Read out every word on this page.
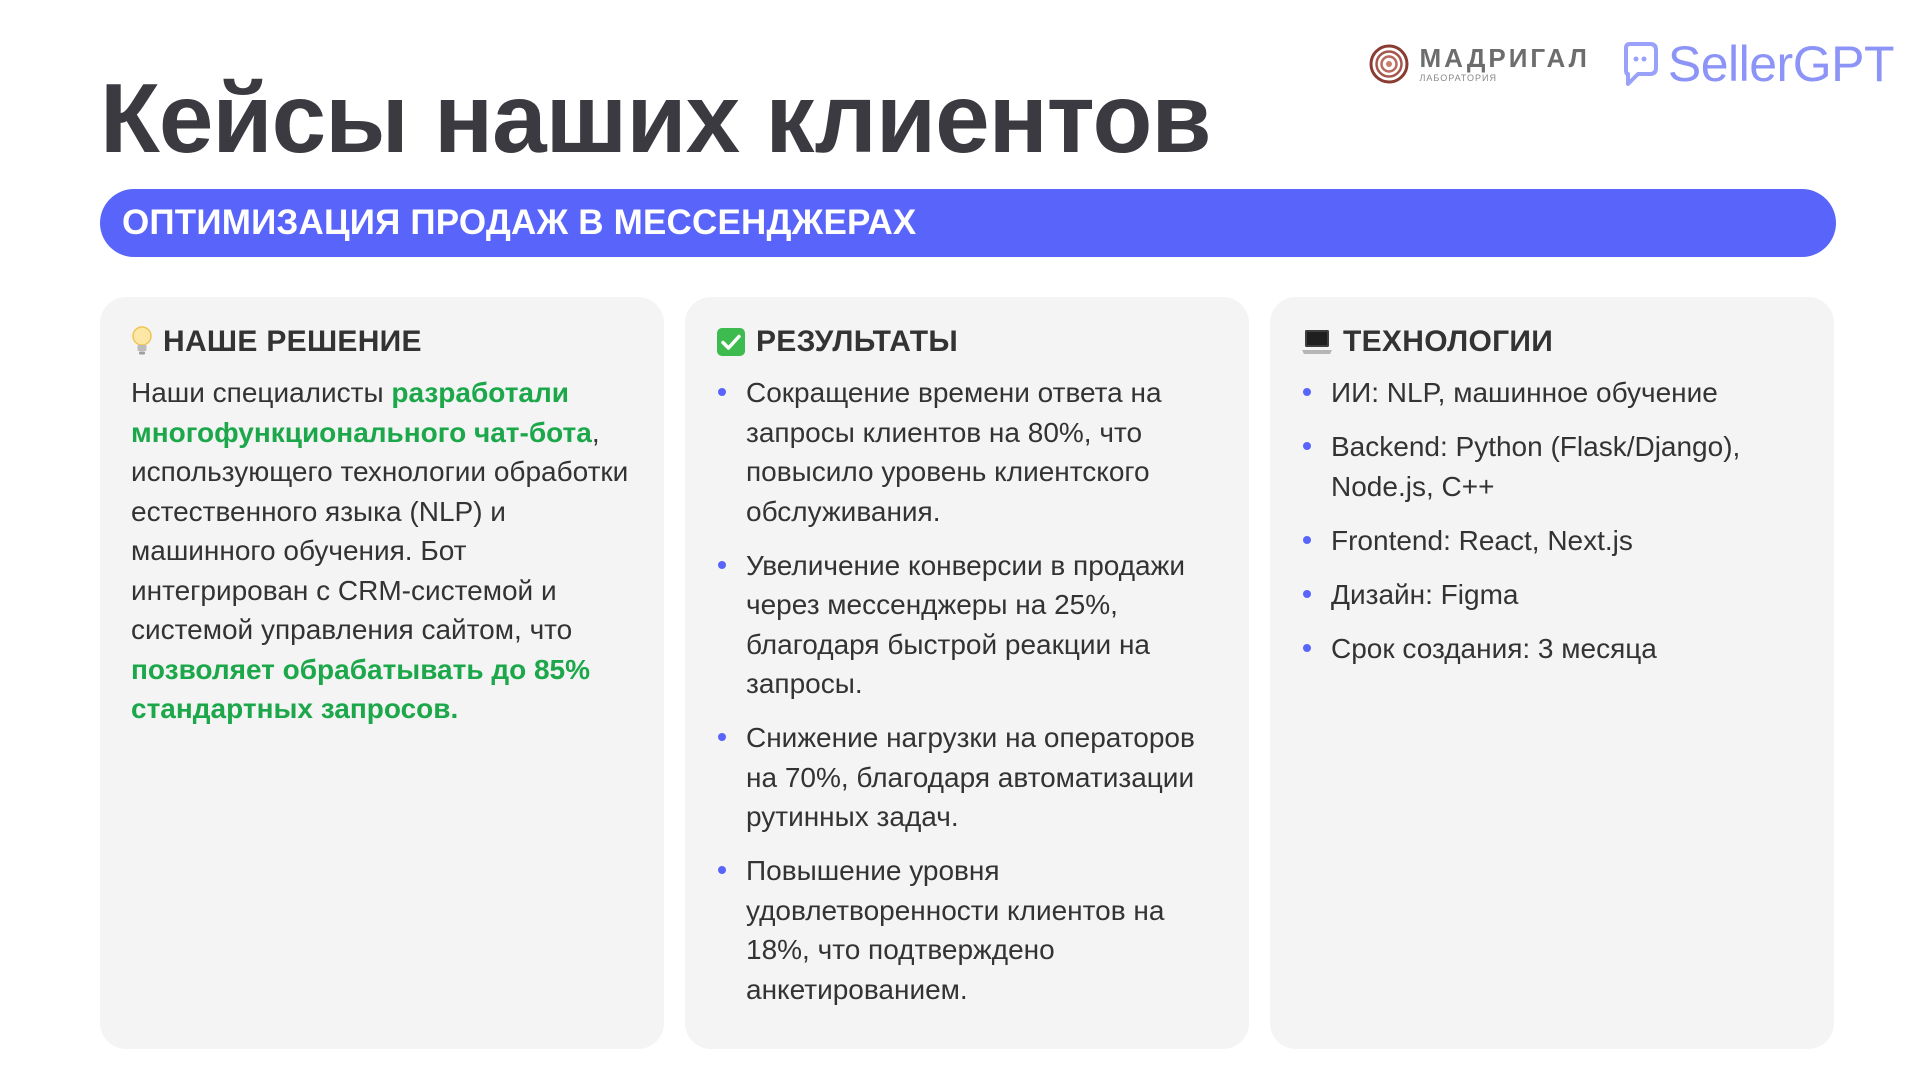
МАДРИГАЛ
ЛАБОРАТОРИЯ	SellerGPT
Кейсы наших клиентов
ОПТИМИЗАЦИЯ ПРОДАЖ В МЕССЕНДЖЕРАХ
НАШЕ РЕШЕНИЕ

Наши специалисты разработали многофункционального чат-бота, использующего технологии обработки естественного языка (NLP) и машинного обучения. Бот интегрирован с CRM-системой и системой управления сайтом, что позволяет обрабатывать до 85% стандартных запросов.

РЕЗУЛЬТАТЫ
Сокращение времени ответа на запросы клиентов на 80%, что повысило уровень клиентского обслуживания.
Увеличение конверсии в продажи через мессенджеры на 25%, благодаря быстрой реакции на запросы.
Снижение нагрузки на операторов на 70%, благодаря автоматизации рутинных задач.
Повышение уровня удовлетворенности клиентов на 18%, что подтверждено анкетированием.
ТЕХНОЛОГИИ
ИИ: NLP, машинное обучение
Backend: Python (Flask/Django), Node.js, C++
Frontend: React, Next.js
Дизайн: Figma
Срок создания: 3 месяца
